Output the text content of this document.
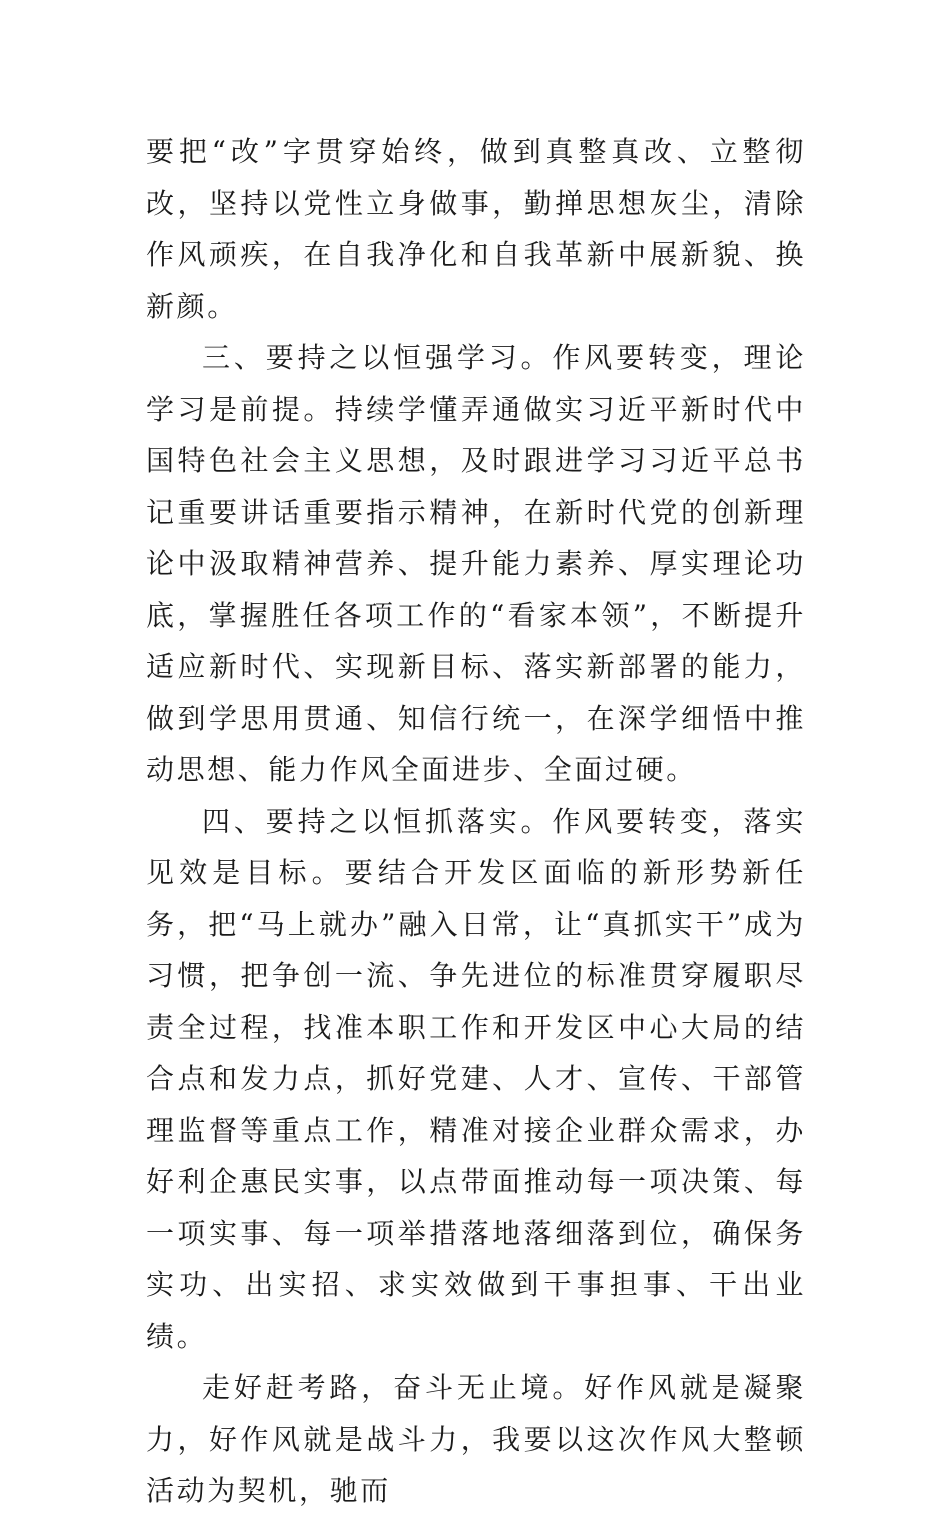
要把“改”字贯穿始终，做到真整真改、立整彻改，坚持以党性立身做事，勤掸思想灰尘，清除作风顽疾，在自我净化和自我革新中展新貌、换新颜。

三、要持之以恒强学习。作风要转变，理论学习是前提。持续学懂弄通做实习近平新时代中国特色社会主义思想，及时跟进学习习近平总书记重要讲话重要指示精神，在新时代党的创新理论中汲取精神营养、提升能力素养、厚实理论功底，掌握胜任各项工作的“看家本领”，不断提升适应新时代、实现新目标、落实新部署的能力，做到学思用贯通、知信行统一，在深学细悟中推动思想、能力作风全面进步、全面过硬。

四、要持之以恒抓落实。作风要转变，落实见效是目标。要结合开发区面临的新形势新任务，把“马上就办”融入日常，让“真抓实干”成为习惯，把争创一流、争先进位的标准贯穿履职尽责全过程，找准本职工作和开发区中心大局的结合点和发力点，抓好党建、人才、宣传、干部管理监督等重点工作，精准对接企业群众需求，办好利企惠民实事，以点带面推动每一项决策、每一项实事、每一项举措落地落细落到位，确保务实功、出实招、求实效做到干事担事、干出业绩。

走好赶考路，奋斗无止境。好作风就是凝聚力，好作风就是战斗力，我要以这次作风大整顿活动为契机，驰而
